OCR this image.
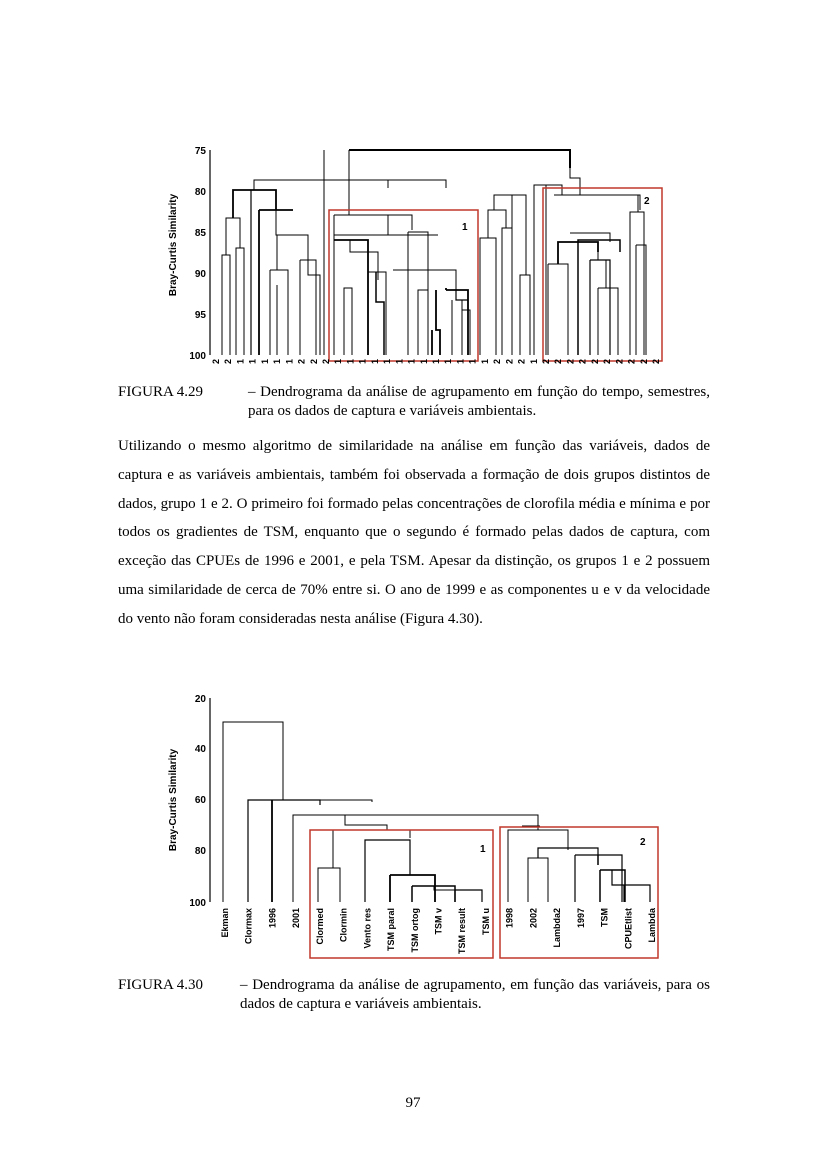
Bray-Curtis Similarity
75
80
85
90
95
100
1
2
2 2 1 1 1 1 1 2 2 2 1 1 1 1 1 1 1 1 1 1 1 1 1 2 2 2 1 2 2 2 2 2 2 2 2 2 2
FIGURA 4.29	– Dendrograma da análise de agrupamento em função do tempo, semestres, para os dados de captura e variáveis ambientais.
Utilizando o mesmo algoritmo de similaridade na análise em função das variáveis, dados de captura e as variáveis ambientais, também foi observada a formação de dois grupos distintos de dados, grupo 1 e 2. O primeiro foi formado pelas concentrações de clorofila média e mínima e por todos os gradientes de TSM, enquanto que o segundo é formado pelas dados de captura, com exceção das CPUEs de 1996 e 2001, e pela TSM. Apesar da distinção, os grupos 1 e 2 possuem uma similaridade de cerca de 70% entre si. O ano de 1999 e as componentes u e v da velocidade do vento não foram consideradas nesta análise (Figura 4.30).
Bray-Curtis Similarity
20
40
60
80
100
1
2
Ekman Clormax 1996 2001 Clormed Clormin Vento res TSM paral TSM ortog TSM v TSM result TSM u 1998 2002 Lambda2 1997 TSM CPUEtlist Lambda
FIGURA 4.30 – Dendrograma da análise de agrupamento, em função das variáveis, para os dados de captura e variáveis ambientais.
97
